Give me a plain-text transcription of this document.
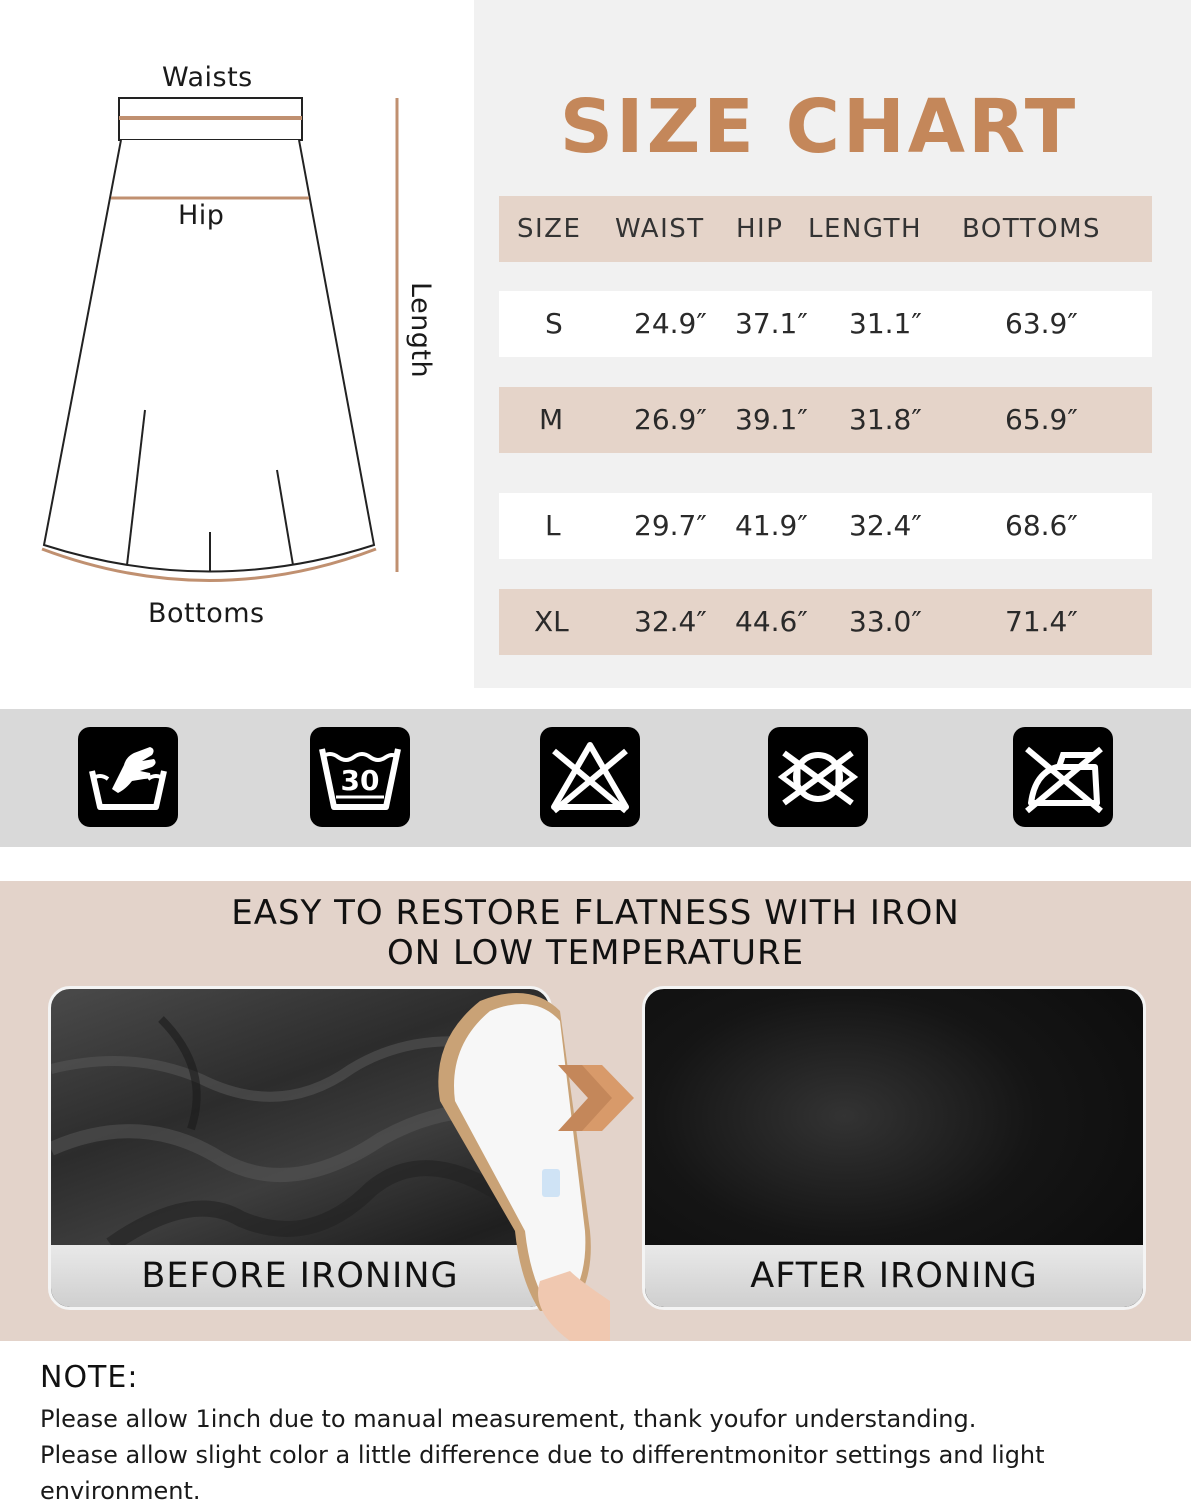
Waists
Hip
Length
Bottoms
SIZE CHART
SIZE WAIST HIP LENGTH BOTTOMS
S	24.9″ 37.1″ 31.1″	63.9″
M	26.9″ 39.1″ 31.8″	65.9″
L	29.7″ 41.9″ 32.4″	68.6″
XL 32.4″ 44.6″ 33.0″	71.4″
30
EASY TO RESTORE FLATNESS WITH IRON
ON LOW TEMPERATURE
BEFORE IRONING	AFTER IRONING

NOTE:

Please allow 1inch due to manual measurement, thank youfor understanding.

Please allow slight color a little difference due to differentmonitor settings and light

environment.
